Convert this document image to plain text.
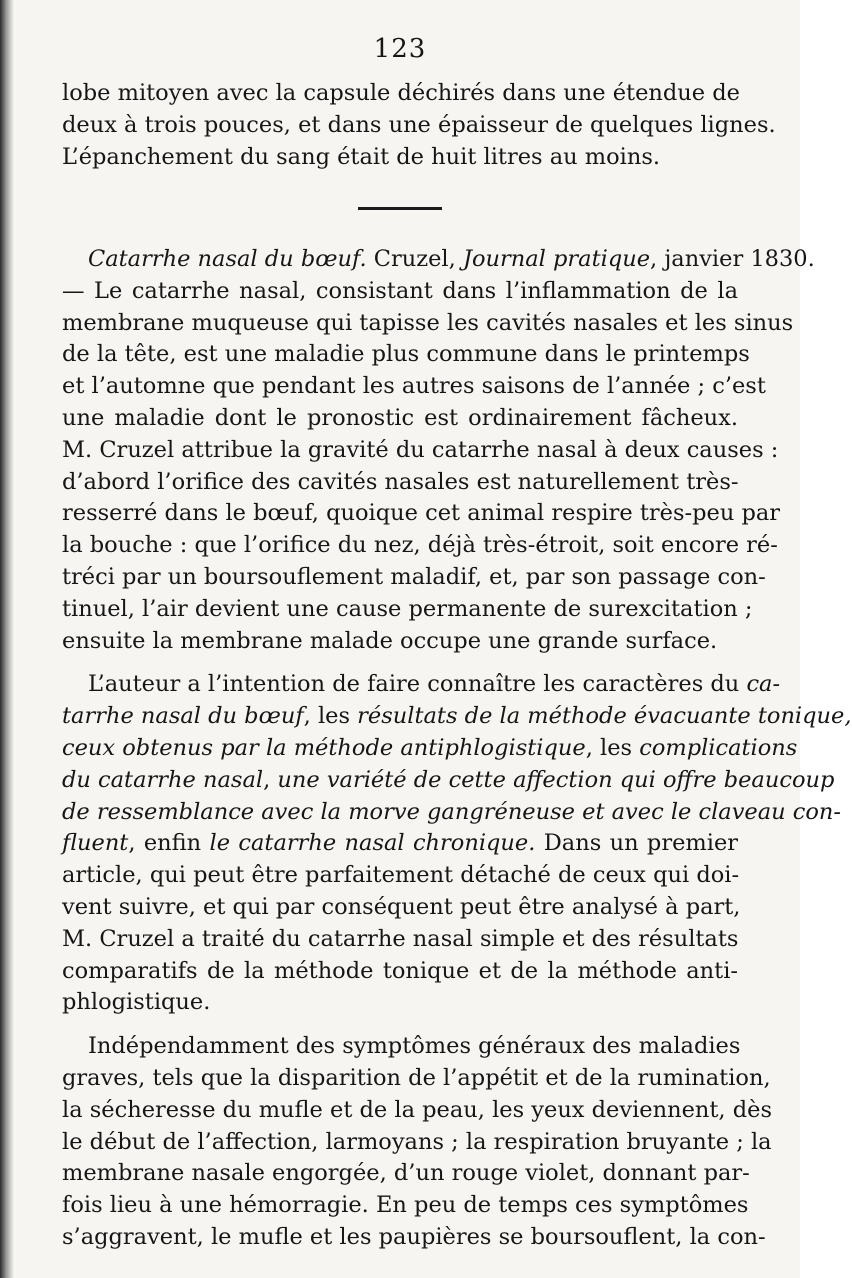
123
lobe mitoyen avec la capsule déchirés dans une étendue de
deux à trois pouces, et dans une épaisseur de quelques lignes.
L’épanchement du sang était de huit litres au moins.
Catarrhe nasal du bœuf. Cruzel, Journal pratique, janvier 1830.
— Le catarrhe nasal, consistant dans l’inflammation de la
membrane muqueuse qui tapisse les cavités nasales et les sinus
de la tête, est une maladie plus commune dans le printemps
et l’automne que pendant les autres saisons de l’année ; c’est
une maladie dont le pronostic est ordinairement fâcheux.
M. Cruzel attribue la gravité du catarrhe nasal à deux causes :
d’abord l’orifice des cavités nasales est naturellement très-
resserré dans le bœuf, quoique cet animal respire très-peu par
la bouche : que l’orifice du nez, déjà très-étroit, soit encore ré-
tréci par un boursouflement maladif, et, par son passage con-
tinuel, l’air devient une cause permanente de surexcitation ;
ensuite la membrane malade occupe une grande surface.
L’auteur a l’intention de faire connaître les caractères du ca-
tarrhe nasal du bœuf, les résultats de la méthode évacuante tonique,
ceux obtenus par la méthode antiphlogistique, les complications
du catarrhe nasal, une variété de cette affection qui offre beaucoup
de ressemblance avec la morve gangréneuse et avec le claveau con-
fluent, enfin le catarrhe nasal chronique. Dans un premier
article, qui peut être parfaitement détaché de ceux qui doi-
vent suivre, et qui par conséquent peut être analysé à part,
M. Cruzel a traité du catarrhe nasal simple et des résultats
comparatifs de la méthode tonique et de la méthode anti-
phlogistique.
Indépendamment des symptômes généraux des maladies
graves, tels que la disparition de l’appétit et de la rumination,
la sécheresse du mufle et de la peau, les yeux deviennent, dès
le début de l’affection, larmoyans ; la respiration bruyante ; la
membrane nasale engorgée, d’un rouge violet, donnant par-
fois lieu à une hémorragie. En peu de temps ces symptômes
s’aggravent, le mufle et les paupières se boursouflent, la con-
